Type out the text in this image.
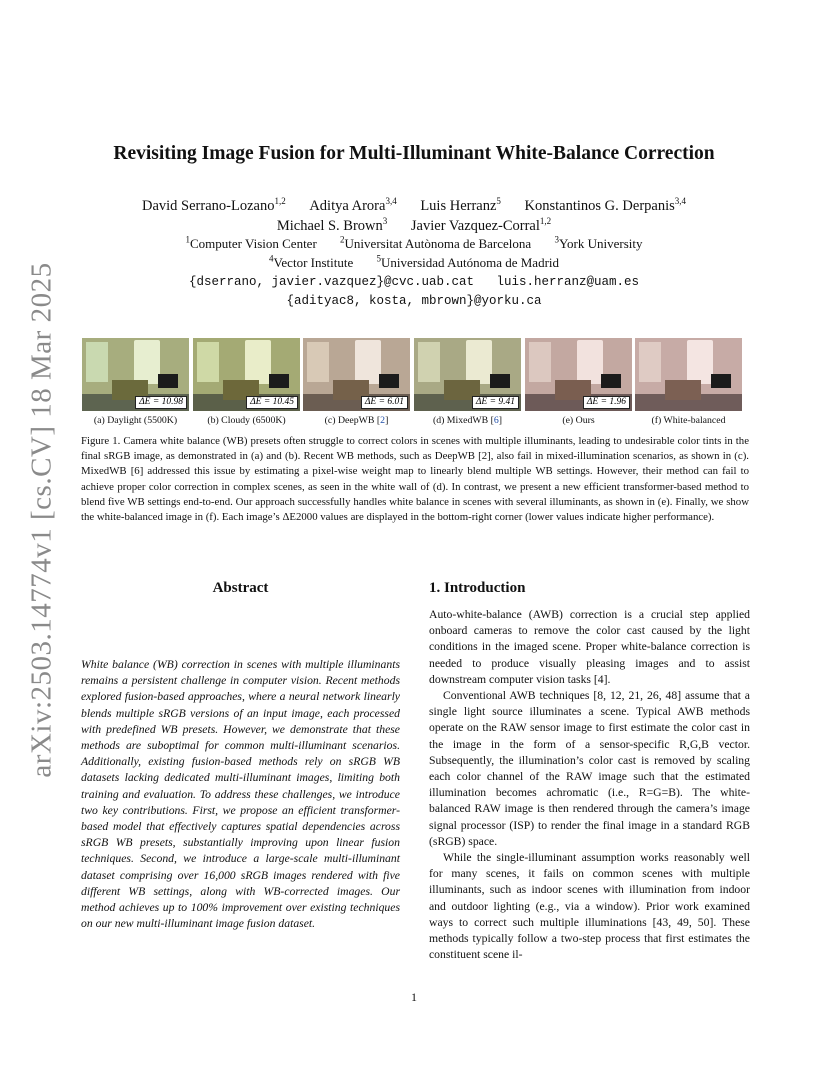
arXiv:2503.14774v1 [cs.CV] 18 Mar 2025
Revisiting Image Fusion for Multi-Illuminant White-Balance Correction
David Serrano-Lozano$^{1,2}$ Aditya Arora$^{3,4}$ Luis Herranz$^5$ Konstantinos G. Derpanis$^{3,4}$
Michael S. Brown$^3$ Javier Vazquez-Corral$^{1,2}$
$^1$Computer Vision Center	$^2$Universitat Autònoma de Barcelona	$^3$York University
$^4$Vector Institute	$^5$Universidad Autónoma de Madrid
{dserrano, javier.vazquez}@cvc.uab.cat   luis.herranz@uam.es
{adityac8, kosta, mbrown}@yorku.ca
ΔE = 10.98
(a) Daylight (5500K)
ΔE = 10.45
(b) Cloudy (6500K)
ΔE = 6.01
(c) DeepWB [2]
ΔE = 9.41
(d) MixedWB [6]
ΔE = 1.96
(e) Ours	(f) White-balanced
Figure 1. Camera white balance (WB) presets often struggle to correct colors in scenes with multiple illuminants, leading to undesirable color tints in the final sRGB image, as demonstrated in (a) and (b). Recent WB methods, such as DeepWB [2], also fail in mixed-illumination scenarios, as shown in (c). MixedWB [6] addressed this issue by estimating a pixel-wise weight map to linearly blend multiple WB settings. However, their method can fail to achieve proper color correction in complex scenes, as seen in the white wall of (d). In contrast, we present a new efficient transformer-based method to blend five WB settings end-to-end. Our approach successfully handles white balance in scenes with several illuminants, as shown in (e). Finally, we show the white-balanced image in (f). Each image’s ΔE2000 values are displayed in the bottom-right corner (lower values indicate higher performance).
Abstract
White balance (WB) correction in scenes with multiple illuminants remains a persistent challenge in computer vision. Recent methods explored fusion-based approaches, where a neural network linearly blends multiple sRGB versions of an input image, each processed with predefined WB presets. However, we demonstrate that these methods are suboptimal for common multi-illuminant scenarios. Additionally, existing fusion-based methods rely on sRGB WB datasets lacking dedicated multi-illuminant images, limiting both training and evaluation. To address these challenges, we introduce two key contributions. First, we propose an efficient transformer-based model that effectively captures spatial dependencies across sRGB WB presets, substantially improving upon linear fusion techniques. Second, we introduce a large-scale multi-illuminant dataset comprising over 16,000 sRGB images rendered with five different WB settings, along with WB-corrected images. Our method achieves up to 100% improvement over existing techniques on our new multi-illuminant image fusion dataset.
1. Introduction

Auto-white-balance (AWB) correction is a crucial step applied onboard cameras to remove the color cast caused by the light conditions in the imaged scene. Proper white-balance correction is needed to produce visually pleasing images and to assist downstream computer vision tasks [4].

Conventional AWB techniques [8, 12, 21, 26, 48] assume that a single light source illuminates a scene. Typical AWB methods operate on the RAW sensor image to first estimate the color cast in the image in the form of a sensor-specific R,G,B vector. Subsequently, the illumination’s color cast is removed by scaling each color channel of the RAW image such that the estimated illumination becomes achromatic (i.e., R=G=B). The white-balanced RAW image is then rendered through the camera’s image signal processor (ISP) to render the final image in a standard RGB (sRGB) space.

While the single-illuminant assumption works reasonably well for many scenes, it fails on common scenes with multiple illuminants, such as indoor scenes with illumination from indoor and outdoor lighting (e.g., via a window). Prior work examined ways to correct such multiple illuminations [43, 49, 50]. These methods typically follow a two-step process that first estimates the constituent scene il-

1
